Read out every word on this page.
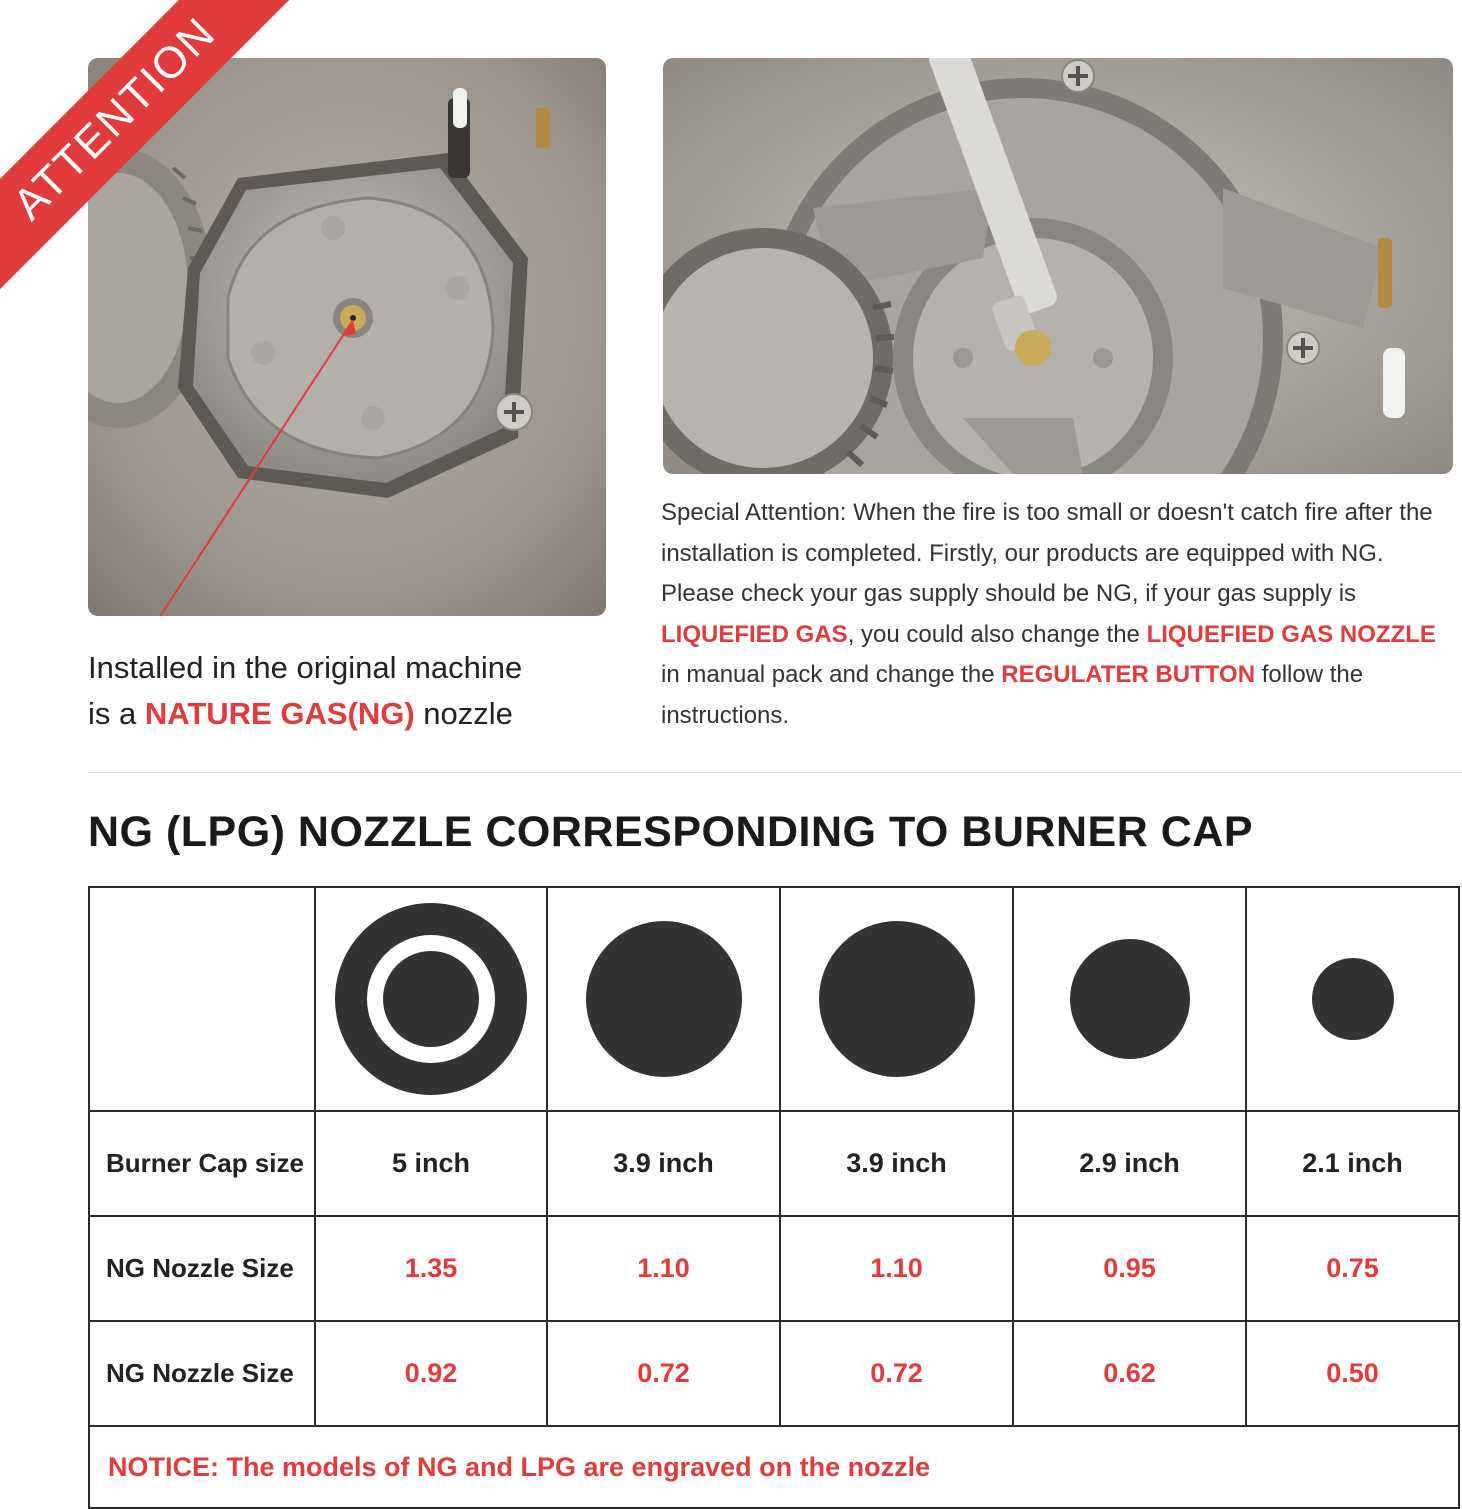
ATTENTION
Installed in the original machine
is a NATURE GAS(NG) nozzle
Special Attention: When the fire is too small or doesn't catch fire after the installation is completed. Firstly, our products are equipped with NG. Please check your gas supply should be NG, if your gas supply is LIQUEFIED GAS, you could also change the LIQUEFIED GAS NOZZLE in manual pack and change the REGULATER BUTTON follow the instructions.
NG (LPG) NOZZLE CORRESPONDING TO BURNER CAP

Burner Cap size	5 inch	3.9 inch	3.9 inch	2.9 inch	2.1 inch
NG Nozzle Size	1.35	1.10	1.10	0.95	0.75
NG Nozzle Size	0.92	0.72	0.72	0.62	0.50
NOTICE: The models of NG and LPG are engraved on the nozzle					
